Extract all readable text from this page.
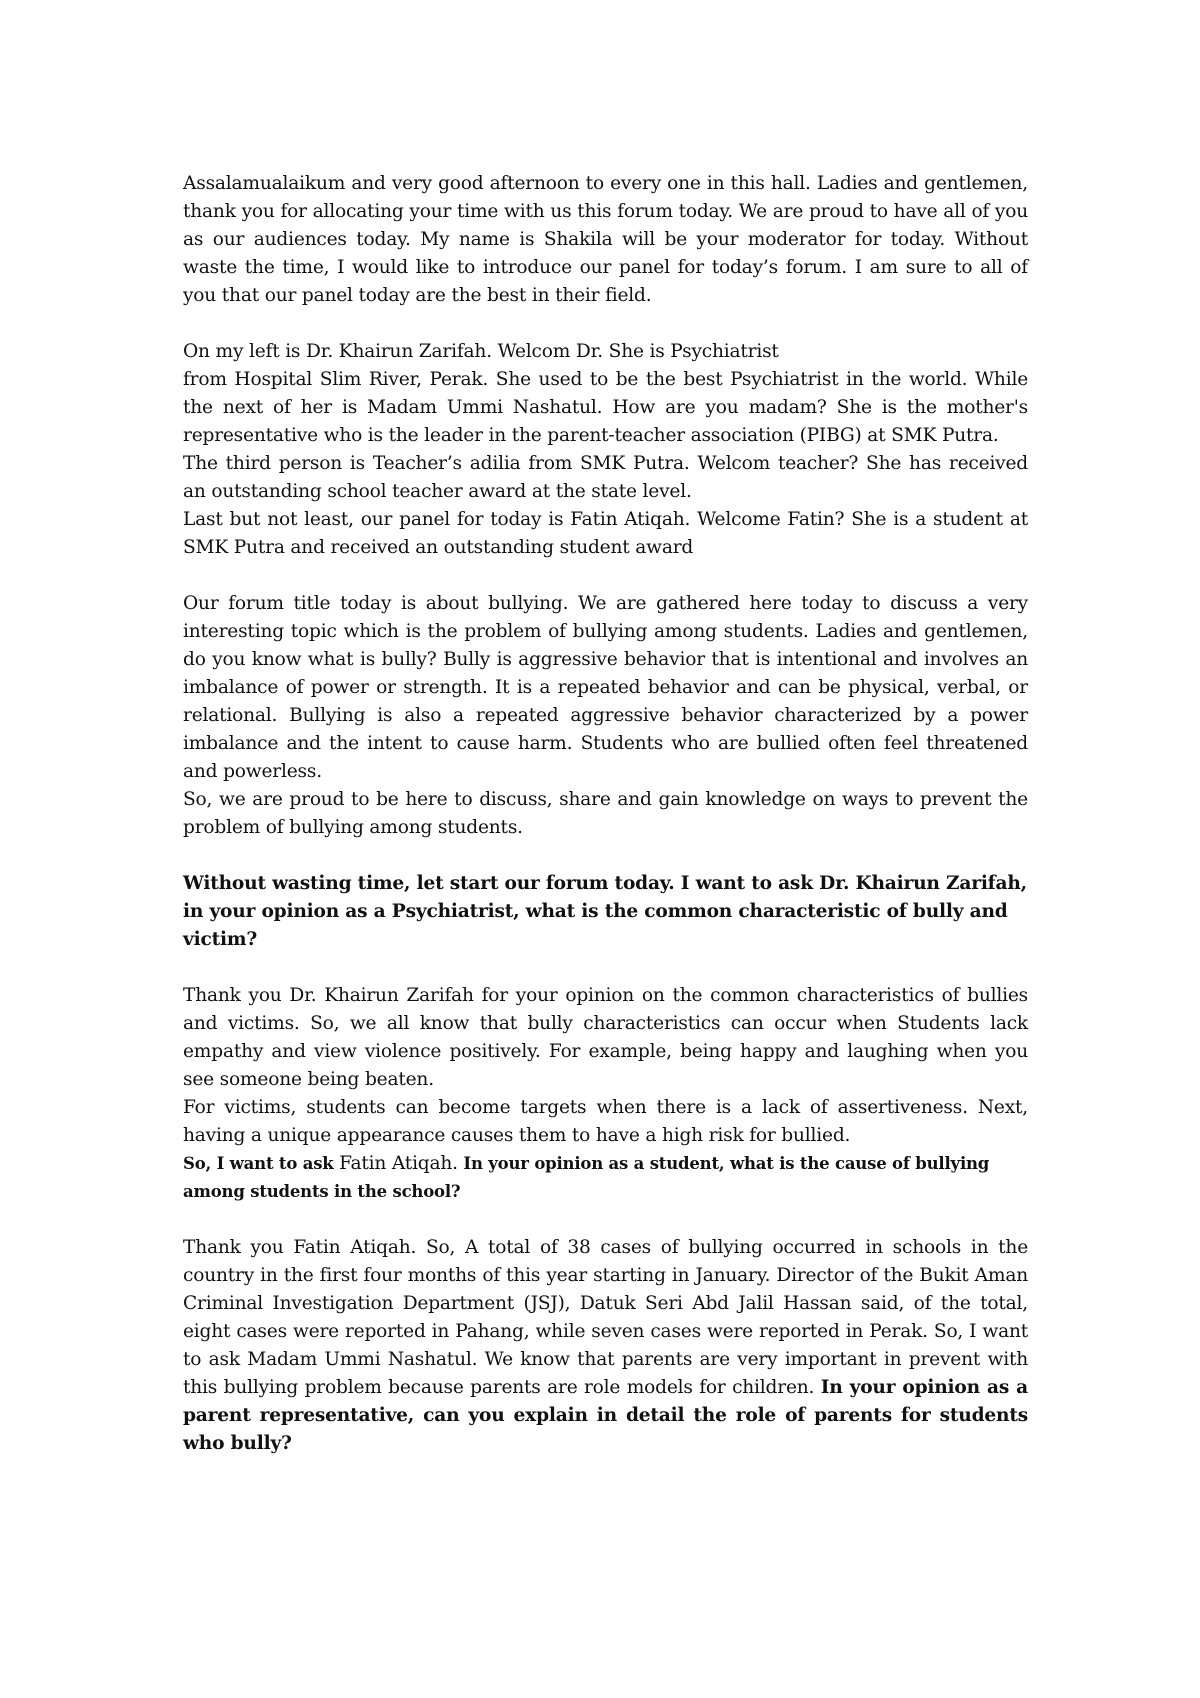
Assalamualaikum and very good afternoon to every one in this hall. Ladies and gentlemen, thank you for allocating your time with us this forum today. We are proud to have all of you as our audiences today. My name is Shakila will be your moderator for today. Without waste the time, I would like to introduce our panel for today’s forum. I am sure to all of you that our panel today are the best in their field.

On my left is Dr. Khairun Zarifah. Welcom Dr. She is Psychiatrist

from Hospital Slim River, Perak. She used to be the best Psychiatrist in the world. While the next of her is Madam Ummi Nashatul. How are you madam? She is the mother's representative who is the leader in the parent-teacher association (PIBG) at SMK Putra.

The third person is Teacher’s adilia from SMK Putra. Welcom teacher? She has received an outstanding school teacher award at the state level.

Last but not least, our panel for today is Fatin Atiqah. Welcome Fatin? She is a student at SMK Putra and received an outstanding student award

Our forum title today is about bullying. We are gathered here today to discuss a very interesting topic which is the problem of bullying among students. Ladies and gentlemen, do you know what is bully? Bully is aggressive behavior that is intentional and involves an imbalance of power or strength. It is a repeated behavior and can be physical, verbal, or relational. Bullying is also a repeated aggressive behavior characterized by a power imbalance and the intent to cause harm. Students who are bullied often feel threatened and powerless.

So, we are proud to be here to discuss, share and gain knowledge on ways to prevent the problem of bullying among students.

Without wasting time, let start our forum today. I want to ask Dr. Khairun Zarifah, in your opinion as a Psychiatrist, what is the common characteristic of bully and victim?

Thank you Dr. Khairun Zarifah for your opinion on the common characteristics of bullies and victims. So, we all know that bully characteristics can occur when Students lack empathy and view violence positively. For example, being happy and laughing when you see someone being beaten.

For victims, students can become targets when there is a lack of assertiveness. Next, having a unique appearance causes them to have a high risk for bullied.

So, I want to ask Fatin Atiqah. In your opinion as a student, what is the cause of bullying among students in the school?

Thank you Fatin Atiqah. So, A total of 38 cases of bullying occurred in schools in the country in the first four months of this year starting in January. Director of the Bukit Aman Criminal Investigation Department (JSJ), Datuk Seri Abd Jalil Hassan said, of the total, eight cases were reported in Pahang, while seven cases were reported in Perak. So, I want to ask Madam Ummi Nashatul. We know that parents are very important in prevent with this bullying problem because parents are role models for children. In your opinion as a parent representative, can you explain in detail the role of parents for students who bully?
